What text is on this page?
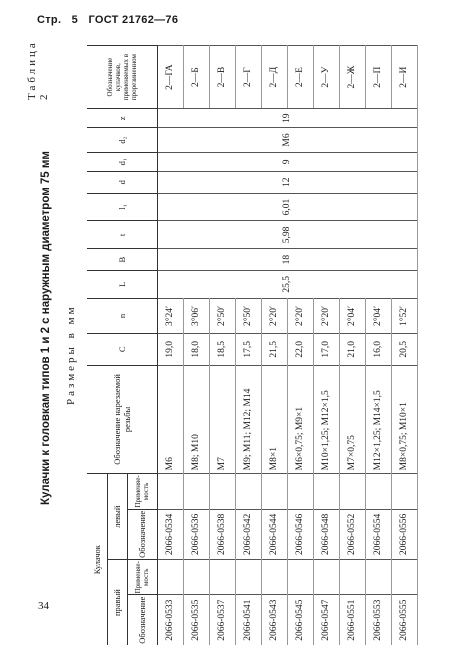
Стр. 5 ГОСТ 21762—76
Таблица 2
Кулачки к головкам типов 1 и 2 с наружным диаметром 75 мм Размеры в мм
Кулачок				Обозначение нарезаемой резьбы	C	n	L	B	t	l₁	d	d₁	d₂	z	Обозначение кулачков, применяемых в прорезиненном
правый		левый													
Обозначение	Применяе-мость	Обозначение	Применяе-мость												
2066-0533		2066-0534		М6	19,0	3°24′	25,5	18	5,98	6,01	12	9	М6	19	2—ГА
2066-0535		2066-0536		М8; М10	18,0	3°06′									2—Б
2066-0537		2066-0538		М7	18,5	2°50′									2—В
2066-0541		2066-0542		М9; М11; М12; М14	17,5	2°50′									2—Г
2066-0543		2066-0544		М8×1	21,5	2°20′									2—Д
2066-0545		2066-0546		М6×0,75; М9×1	22,0	2°20′									2—Е
2066-0547		2066-0548		М10×1,25; М12×1,5	17,0	2°20′									2—У
2066-0551		2066-0552		М7×0,75	21,0	2°04′									2—Ж
2066-0553		2066-0554		М12×1,25; М14×1,5	16,0	2°04′									2—П
2066-0555		2066-0556		М8×0,75; М10×1	20,5	1°52′									2—И
34
